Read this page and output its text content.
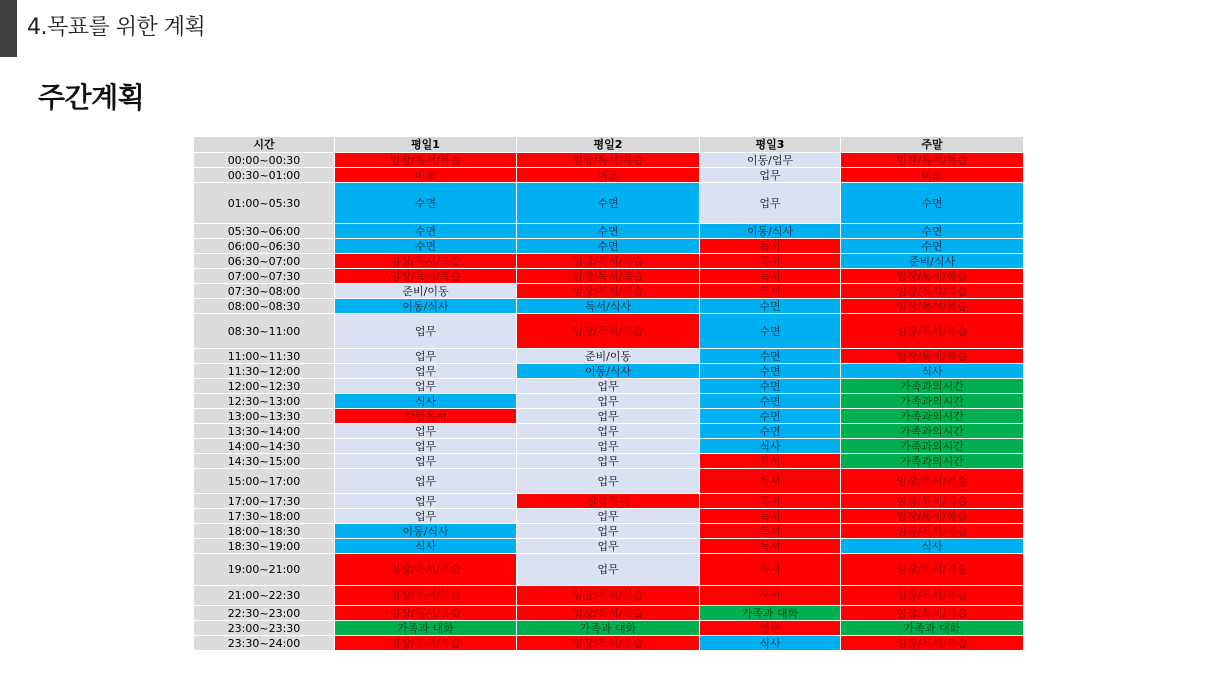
4.목표를 위한 계획
주간계획
시간	평일1	평일2	평일3	주말
00:00~00:30	임장/독서/복습	임장/독서/복습	이동/업무	임장/독서/복습
00:30~01:00	미모	미모	업무	미모
01:00~05:30	수면	수면	업무	수면
05:30~06:00	수면	수면	이동/식사	수면
06:00~06:30	수면	수면	독서	수면
06:30~07:00	임장/독서/복습	임장/독서/복습	독서	준비/식사
07:00~07:30	임장/독서/복습	임장/독서/복습	독서	임장/독서/복습
07:30~08:00	준비/이동	임장/독서/복습	독서	임장/독서/복습
08:00~08:30	이동/식사	독서/식사	수면	임장/독서/복습
08:30~11:00	업무	임장/독서/복습	수면	임장/독서/복습
11:00~11:30	업무	준비/이동	수면	임장/독서/복습
11:30~12:00	업무	이동/식사	수면	식사
12:00~12:30	업무	업무	수면	가족과의시간
12:30~13:00	식사	업무	수면	가족과의시간
13:00~13:30	칼럼독서	업무	수면	가족과의시간
13:30~14:00	업무	업무	수면	가족과의시간
14:00~14:30	업무	업무	식사	가족과의시간
14:30~15:00	업무	업무	독서	가족과의시간
15:00~17:00	업무	업무	독서	임장/독서/복습
17:00~17:30	업무	칼럼독서	독서	임장/독서/복습
17:30~18:00	업무	업무	독서	임장/독서/복습
18:00~18:30	이동/식사	업무	독서	임장/독서/복습
18:30~19:00	식사	업무	독서	식사
19:00~21:00	임장/독서/복습	업무	독서	임장/독서/복습
21:00~22:30	임장/독서/복습	임장/독서/복습	독서	임장/독서/복습
22:30~23:00	임장/독서/복습	임장/독서/복습	가족과 대화	임장/독서/복습
23:00~23:30	가족과 대화	가족과 대화	업무	가족과 대화
23:30~24:00	임장/독서/복습	임장/독서/복습	식사	임장/독서/복습
